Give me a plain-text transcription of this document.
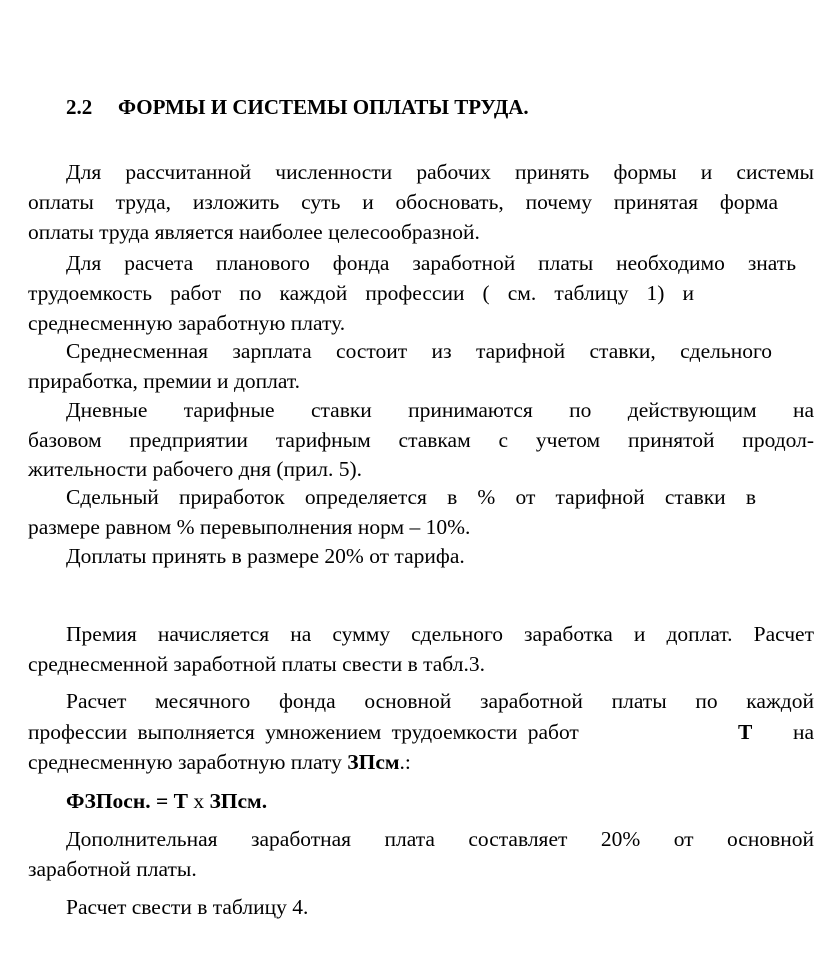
2.2 ФОРМЫ И СИСТЕМЫ ОПЛАТЫ ТРУДА.
Для рассчитанной численности рабочих принять формы и системы
оплаты труда, изложить суть и обосновать, почему принятая форма
оплаты труда является наиболее целесообразной.
Для расчета планового фонда заработной платы необходимо знать
трудоемкость работ по каждой профессии ( см. таблицу 1) и
среднесменную заработную плату.
Среднесменная зарплата состоит из тарифной ставки, сдельного
приработка, премии и доплат.
Дневные тарифные ставки принимаются по действующим на
базовом предприятии тарифным ставкам с учетом принятой продол-
жительности рабочего дня (прил. 5).
Сдельный приработок определяется в % от тарифной ставки в
размере равном % перевыполнения норм – 10%.
Доплаты принять в размере 20% от тарифа.
Премия начисляется на сумму сдельного заработка и доплат. Расчет
среднесменной заработной платы свести в табл.3.
Расчет месячного фонда основной заработной платы по каждой
профессии выполняется умножением трудоемкости работ	Т на
среднесменную заработную плату ЗПсм.:
ФЗПосн. = Т х ЗПсм.
Дополнительная заработная плата составляет 20% от основной
заработной платы.
Расчет свести в таблицу 4.
